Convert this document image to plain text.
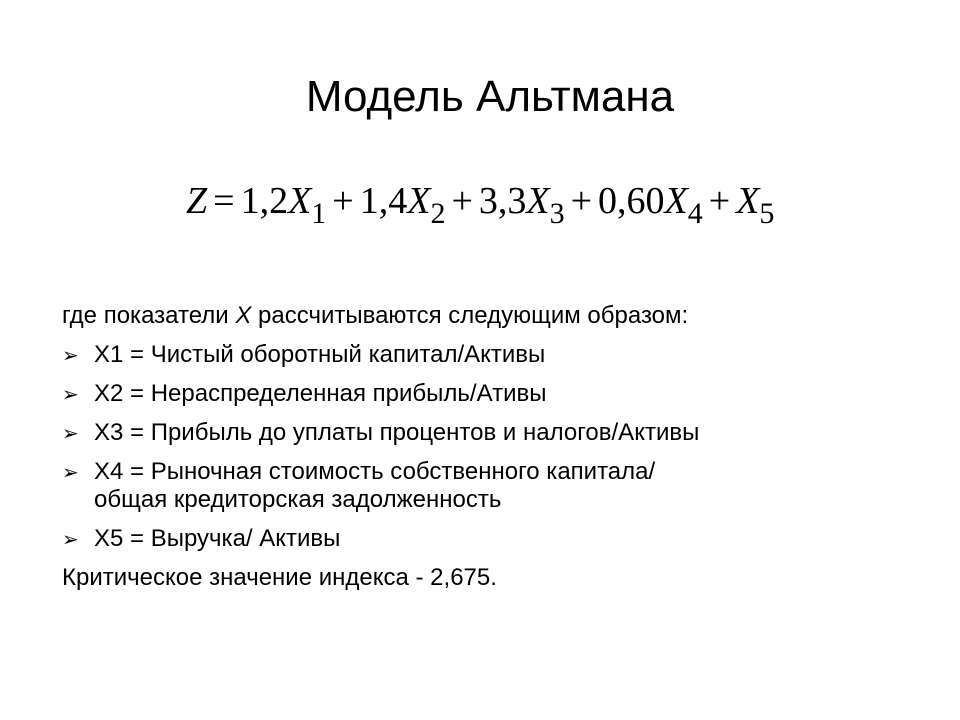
Модель Альтмана
$Z = 1,2X_1 + 1,4X_2 + 3,3X_3 + 0,60X_4 + X_5$
где показатели Х рассчитываются следующим образом:
➢ Х1 = Чистый оборотный капитал/Активы
➢ Х2 = Нераспределенная прибыль/Ативы
➢ Х3 = Прибыль до уплаты процентов и налогов/Активы
➢ Х4 = Рыночная стоимость собственного капитала/общая кредиторская задолженность
➢ Х5 = Выручка/ Активы
Критическое значение индекса - 2,675.
